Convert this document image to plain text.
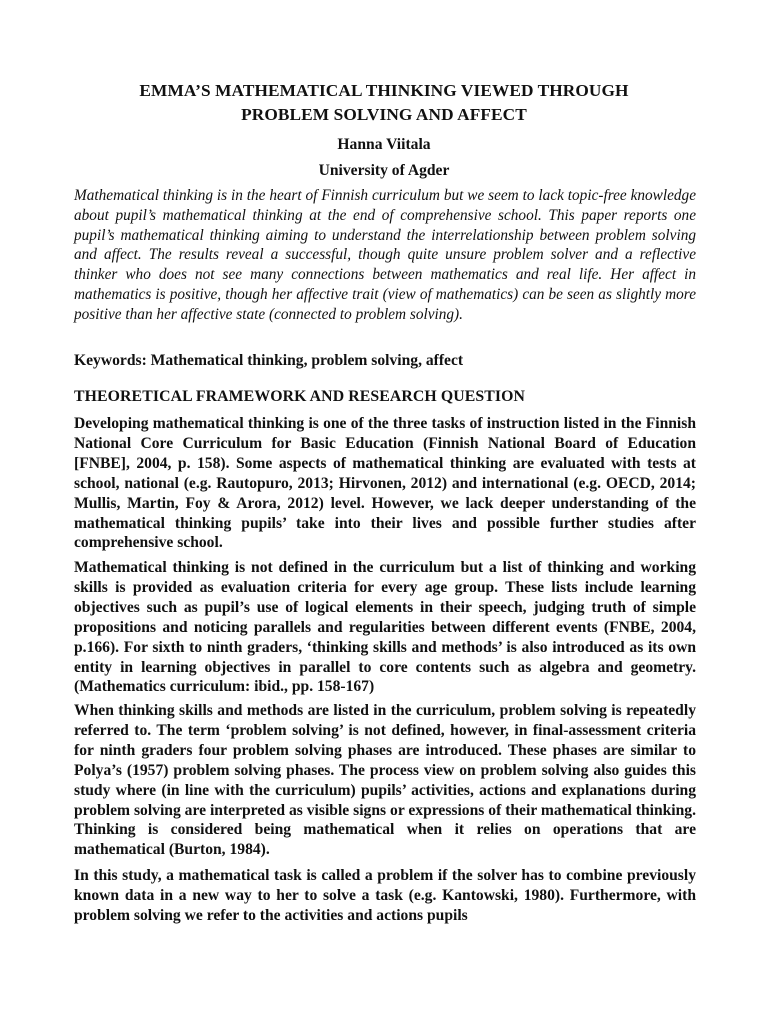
EMMA’S MATHEMATICAL THINKING VIEWED THROUGH
PROBLEM SOLVING AND AFFECT

Hanna Viitala

University of Agder

Mathematical thinking is in the heart of Finnish curriculum but we seem to lack topic-free knowledge about pupil’s mathematical thinking at the end of comprehensive school. This paper reports one pupil’s mathematical thinking aiming to understand the interrelationship between problem solving and affect. The results reveal a successful, though quite unsure problem solver and a reflective thinker who does not see many connections between mathematics and real life. Her affect in mathematics is positive, though her affective trait (view of mathematics) can be seen as slightly more positive than her affective state (connected to problem solving).

Keywords: Mathematical thinking, problem solving, affect

THEORETICAL FRAMEWORK AND RESEARCH QUESTION

Developing mathematical thinking is one of the three tasks of instruction listed in the Finnish National Core Curriculum for Basic Education (Finnish National Board of Education [FNBE], 2004, p. 158). Some aspects of mathematical thinking are evaluated with tests at school, national (e.g. Rautopuro, 2013; Hirvonen, 2012) and international (e.g. OECD, 2014; Mullis, Martin, Foy & Arora, 2012) level. However, we lack deeper understanding of the mathematical thinking pupils’ take into their lives and possible further studies after comprehensive school.

Mathematical thinking is not defined in the curriculum but a list of thinking and working skills is provided as evaluation criteria for every age group. These lists include learning objectives such as pupil’s use of logical elements in their speech, judging truth of simple propositions and noticing parallels and regularities between different events (FNBE, 2004, p.166). For sixth to ninth graders, ‘thinking skills and methods’ is also introduced as its own entity in learning objectives in parallel to core contents such as algebra and geometry. (Mathematics curriculum: ibid., pp. 158-167)

When thinking skills and methods are listed in the curriculum, problem solving is repeatedly referred to. The term ‘problem solving’ is not defined, however, in final-assessment criteria for ninth graders four problem solving phases are introduced. These phases are similar to Polya’s (1957) problem solving phases. The process view on problem solving also guides this study where (in line with the curriculum) pupils’ activities, actions and explanations during problem solving are interpreted as visible signs or expressions of their mathematical thinking. Thinking is considered being mathematical when it relies on operations that are mathematical (Burton, 1984).

In this study, a mathematical task is called a problem if the solver has to combine previously known data in a new way to her to solve a task (e.g. Kantowski, 1980). Furthermore, with problem solving we refer to the activities and actions pupils
